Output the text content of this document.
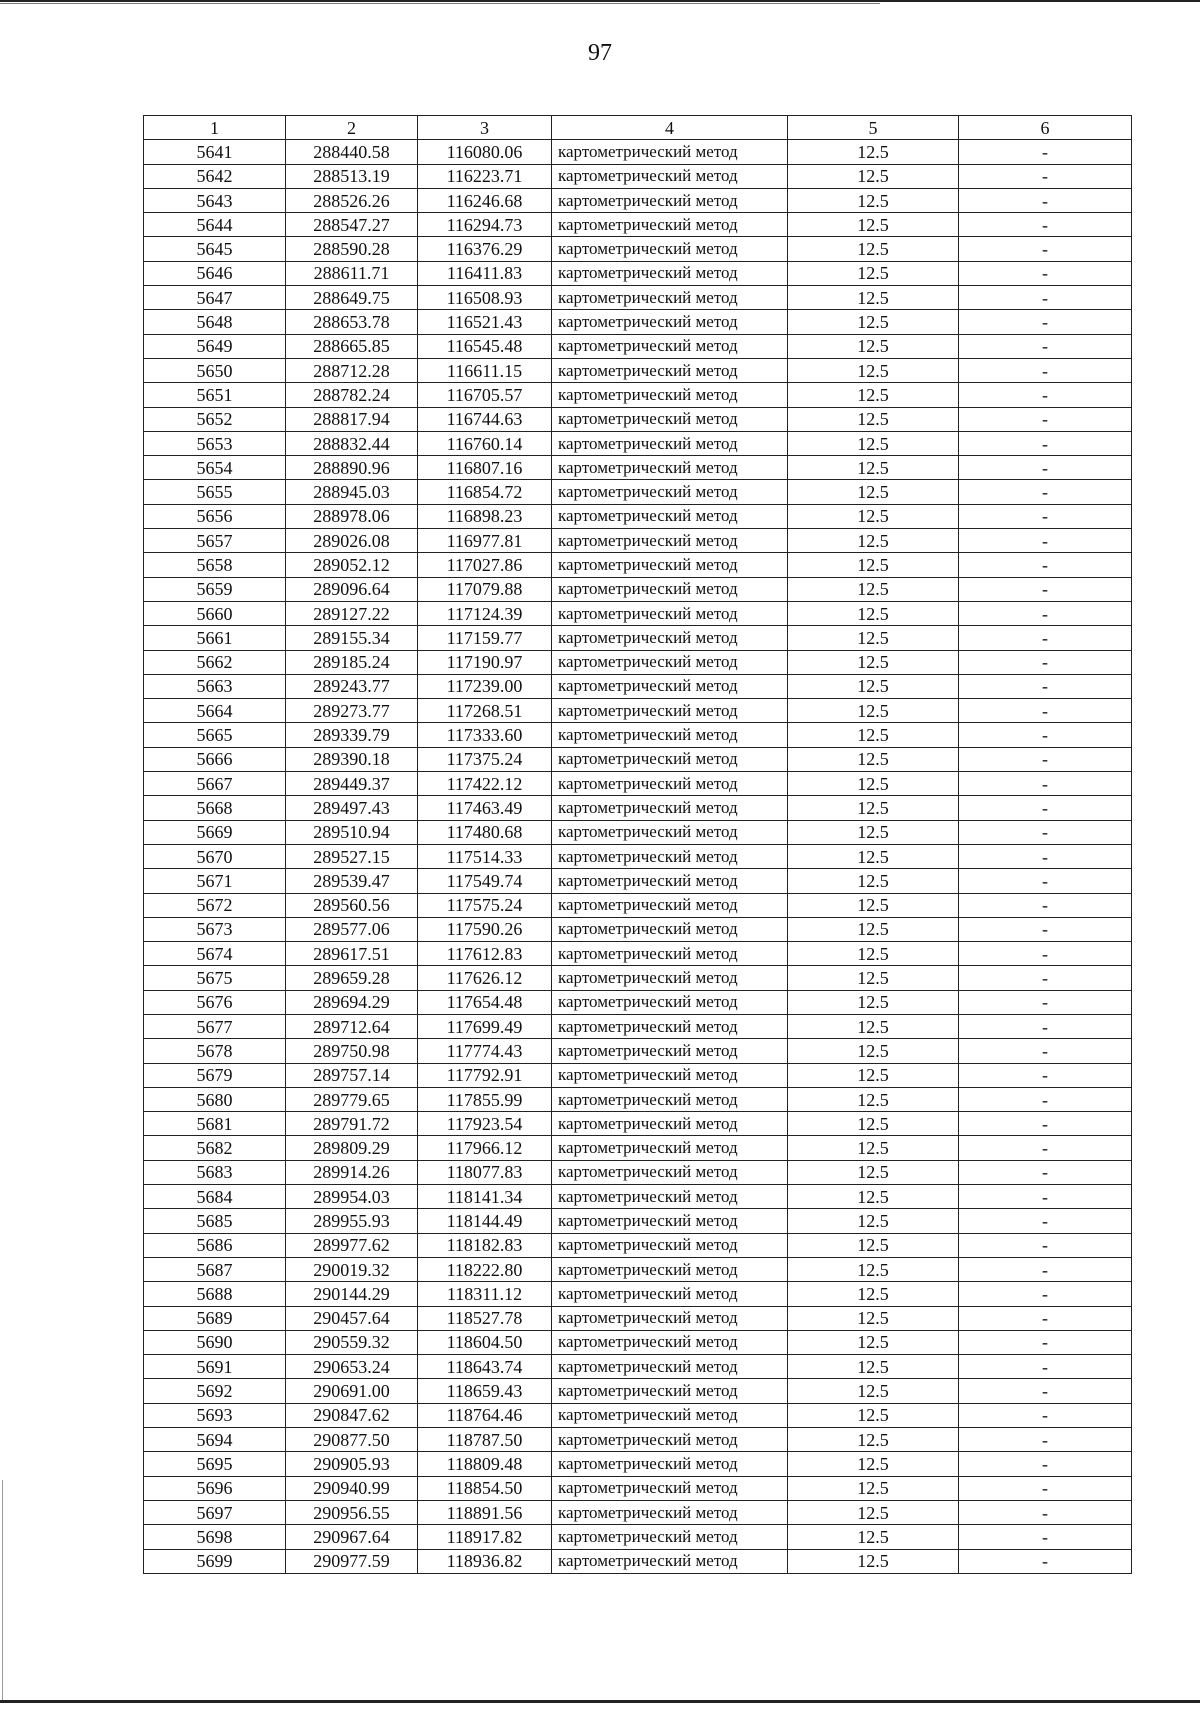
97
1	2	3	4	5	6
5641	288440.58	116080.06	картометрический метод	12.5	-
5642	288513.19	116223.71	картометрический метод	12.5	-
5643	288526.26	116246.68	картометрический метод	12.5	-
5644	288547.27	116294.73	картометрический метод	12.5	-
5645	288590.28	116376.29	картометрический метод	12.5	-
5646	288611.71	116411.83	картометрический метод	12.5	-
5647	288649.75	116508.93	картометрический метод	12.5	-
5648	288653.78	116521.43	картометрический метод	12.5	-
5649	288665.85	116545.48	картометрический метод	12.5	-
5650	288712.28	116611.15	картометрический метод	12.5	-
5651	288782.24	116705.57	картометрический метод	12.5	-
5652	288817.94	116744.63	картометрический метод	12.5	-
5653	288832.44	116760.14	картометрический метод	12.5	-
5654	288890.96	116807.16	картометрический метод	12.5	-
5655	288945.03	116854.72	картометрический метод	12.5	-
5656	288978.06	116898.23	картометрический метод	12.5	-
5657	289026.08	116977.81	картометрический метод	12.5	-
5658	289052.12	117027.86	картометрический метод	12.5	-
5659	289096.64	117079.88	картометрический метод	12.5	-
5660	289127.22	117124.39	картометрический метод	12.5	-
5661	289155.34	117159.77	картометрический метод	12.5	-
5662	289185.24	117190.97	картометрический метод	12.5	-
5663	289243.77	117239.00	картометрический метод	12.5	-
5664	289273.77	117268.51	картометрический метод	12.5	-
5665	289339.79	117333.60	картометрический метод	12.5	-
5666	289390.18	117375.24	картометрический метод	12.5	-
5667	289449.37	117422.12	картометрический метод	12.5	-
5668	289497.43	117463.49	картометрический метод	12.5	-
5669	289510.94	117480.68	картометрический метод	12.5	-
5670	289527.15	117514.33	картометрический метод	12.5	-
5671	289539.47	117549.74	картометрический метод	12.5	-
5672	289560.56	117575.24	картометрический метод	12.5	-
5673	289577.06	117590.26	картометрический метод	12.5	-
5674	289617.51	117612.83	картометрический метод	12.5	-
5675	289659.28	117626.12	картометрический метод	12.5	-
5676	289694.29	117654.48	картометрический метод	12.5	-
5677	289712.64	117699.49	картометрический метод	12.5	-
5678	289750.98	117774.43	картометрический метод	12.5	-
5679	289757.14	117792.91	картометрический метод	12.5	-
5680	289779.65	117855.99	картометрический метод	12.5	-
5681	289791.72	117923.54	картометрический метод	12.5	-
5682	289809.29	117966.12	картометрический метод	12.5	-
5683	289914.26	118077.83	картометрический метод	12.5	-
5684	289954.03	118141.34	картометрический метод	12.5	-
5685	289955.93	118144.49	картометрический метод	12.5	-
5686	289977.62	118182.83	картометрический метод	12.5	-
5687	290019.32	118222.80	картометрический метод	12.5	-
5688	290144.29	118311.12	картометрический метод	12.5	-
5689	290457.64	118527.78	картометрический метод	12.5	-
5690	290559.32	118604.50	картометрический метод	12.5	-
5691	290653.24	118643.74	картометрический метод	12.5	-
5692	290691.00	118659.43	картометрический метод	12.5	-
5693	290847.62	118764.46	картометрический метод	12.5	-
5694	290877.50	118787.50	картометрический метод	12.5	-
5695	290905.93	118809.48	картометрический метод	12.5	-
5696	290940.99	118854.50	картометрический метод	12.5	-
5697	290956.55	118891.56	картометрический метод	12.5	-
5698	290967.64	118917.82	картометрический метод	12.5	-
5699	290977.59	118936.82	картометрический метод	12.5	-
